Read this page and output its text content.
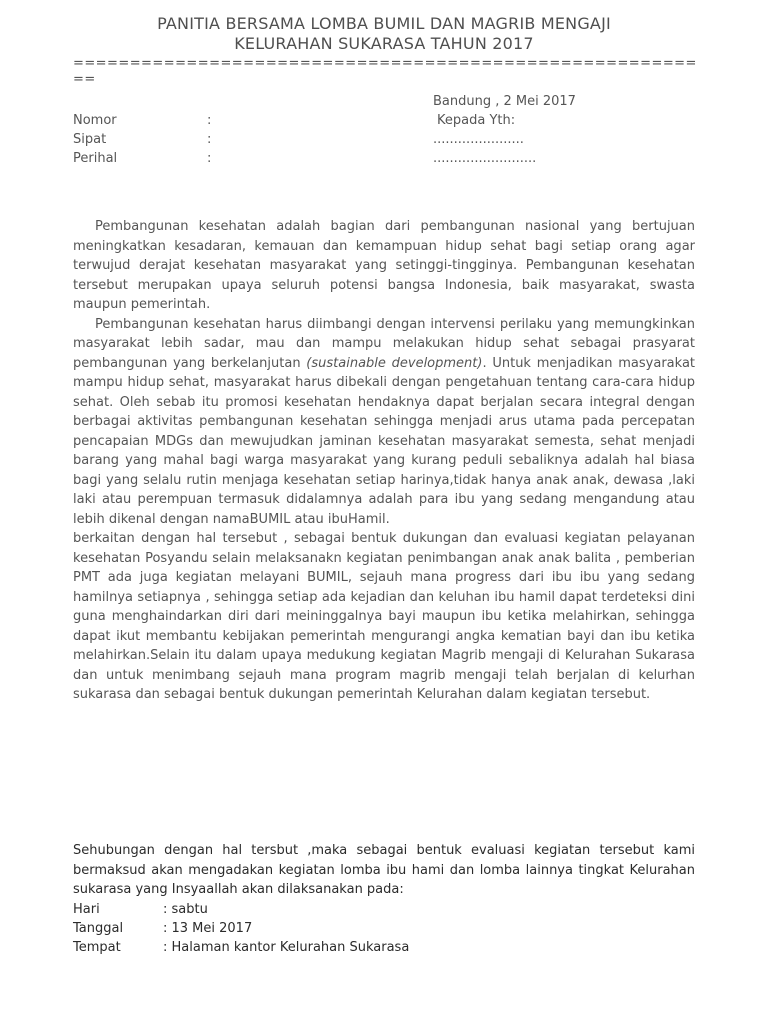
PANITIA BERSAMA LOMBA BUMIL DAN MAGRIB MENGAJI
KELURAHAN SUKARASA TAHUN 2017
=========================================================
Bandung , 2 Mei 2017
Nomor	:	Kepada Yth:
Sipat	:	......................
Perihal	:	.........................

Pembangunan kesehatan adalah bagian dari pembangunan nasional yang bertujuan meningkatkan kesadaran, kemauan dan kemampuan hidup sehat bagi setiap orang agar terwujud derajat kesehatan masyarakat yang setinggi-tingginya. Pembangunan kesehatan tersebut merupakan upaya seluruh potensi bangsa Indonesia, baik masyarakat, swasta maupun pemerintah.

Pembangunan kesehatan harus diimbangi dengan intervensi perilaku yang memungkinkan masyarakat lebih sadar, mau dan mampu melakukan hidup sehat sebagai prasyarat pembangunan yang berkelanjutan (sustainable development). Untuk menjadikan masyarakat mampu hidup sehat, masyarakat harus dibekali dengan pengetahuan tentang cara-cara hidup sehat. Oleh sebab itu promosi kesehatan hendaknya dapat berjalan secara integral dengan berbagai aktivitas pembangunan kesehatan sehingga menjadi arus utama pada percepatan pencapaian MDGs dan mewujudkan jaminan kesehatan masyarakat semesta, sehat menjadi barang yang mahal bagi warga masyarakat yang kurang peduli sebaliknya adalah hal biasa bagi yang selalu rutin menjaga kesehatan setiap harinya,tidak hanya anak anak, dewasa ,laki laki atau perempuan termasuk didalamnya adalah para ibu yang sedang mengandung atau lebih dikenal dengan namaBUMIL atau ibuHamil.

berkaitan dengan hal tersebut , sebagai bentuk dukungan dan evaluasi kegiatan pelayanan kesehatan Posyandu selain melaksanakn kegiatan penimbangan anak anak balita , pemberian PMT ada juga kegiatan melayani BUMIL, sejauh mana progress dari ibu ibu yang sedang hamilnya setiapnya , sehingga setiap ada kejadian dan keluhan ibu hamil dapat terdeteksi dini guna menghaindarkan diri dari meininggalnya bayi maupun ibu ketika melahirkan, sehingga dapat ikut membantu kebijakan pemerintah mengurangi angka kematian bayi dan ibu ketika melahirkan.Selain itu dalam upaya medukung kegiatan Magrib mengaji di Kelurahan Sukarasa dan untuk menimbang sejauh mana program magrib mengaji telah berjalan di kelurhan sukarasa dan sebagai bentuk dukungan pemerintah Kelurahan dalam kegiatan tersebut.

Sehubungan dengan hal tersbut ,maka sebagai bentuk evaluasi kegiatan tersebut kami bermaksud akan mengadakan kegiatan lomba ibu hami dan lomba lainnya tingkat Kelurahan sukarasa yang Insyaallah akan dilaksanakan pada:

Hari	: sabtu
Tanggal	: 13 Mei 2017
Tempat	: Halaman kantor Kelurahan Sukarasa
